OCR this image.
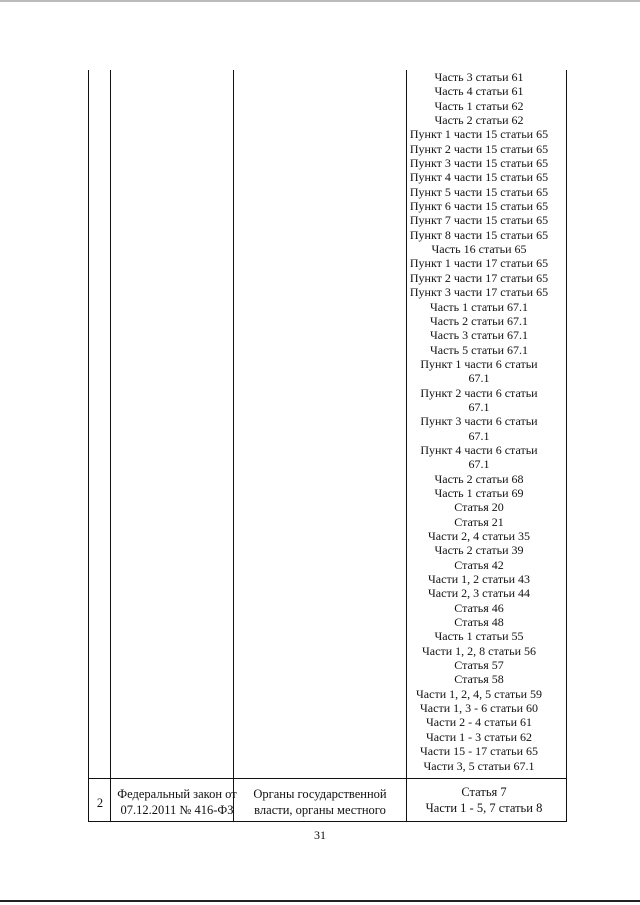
Часть 3 статьи 61
Часть 4 статьи 61
Часть 1 статьи 62
Часть 2 статьи 62
Пункт 1 части 15 статьи 65
Пункт 2 части 15 статьи 65
Пункт 3 части 15 статьи 65
Пункт 4 части 15 статьи 65
Пункт 5 части 15 статьи 65
Пункт 6 части 15 статьи 65
Пункт 7 части 15 статьи 65
Пункт 8 части 15 статьи 65
Часть 16 статьи 65
Пункт 1 части 17 статьи 65
Пункт 2 части 17 статьи 65
Пункт 3 части 17 статьи 65
Часть 1 статьи 67.1
Часть 2 статьи 67.1
Часть 3 статьи 67.1
Часть 5 статьи 67.1
Пункт 1 части 6 статьи
67.1
Пункт 2 части 6 статьи
67.1
Пункт 3 части 6 статьи
67.1
Пункт 4 части 6 статьи
67.1
Часть 2 статьи 68
Часть 1 статьи 69
Статья 20
Статья 21
Части 2, 4 статьи 35
Часть 2 статьи 39
Статья 42
Части 1, 2 статьи 43
Части 2, 3 статьи 44
Статья 46
Статья 48
Часть 1 статьи 55
Части 1, 2, 8 статьи 56
Статья 57
Статья 58
Части 1, 2, 4, 5 статьи 59
Части 1, 3 - 6 статьи 60
Части 2 - 4 статьи 61
Части 1 - 3 статьи 62
Части 15 - 17 статьи 65
Части 3, 5 статьи 67.1
2
Федеральный закон от
07.12.2011 № 416-ФЗ
Органы государственной
власти, органы местного
Статья 7
Части 1 - 5, 7 статьи 8
31
